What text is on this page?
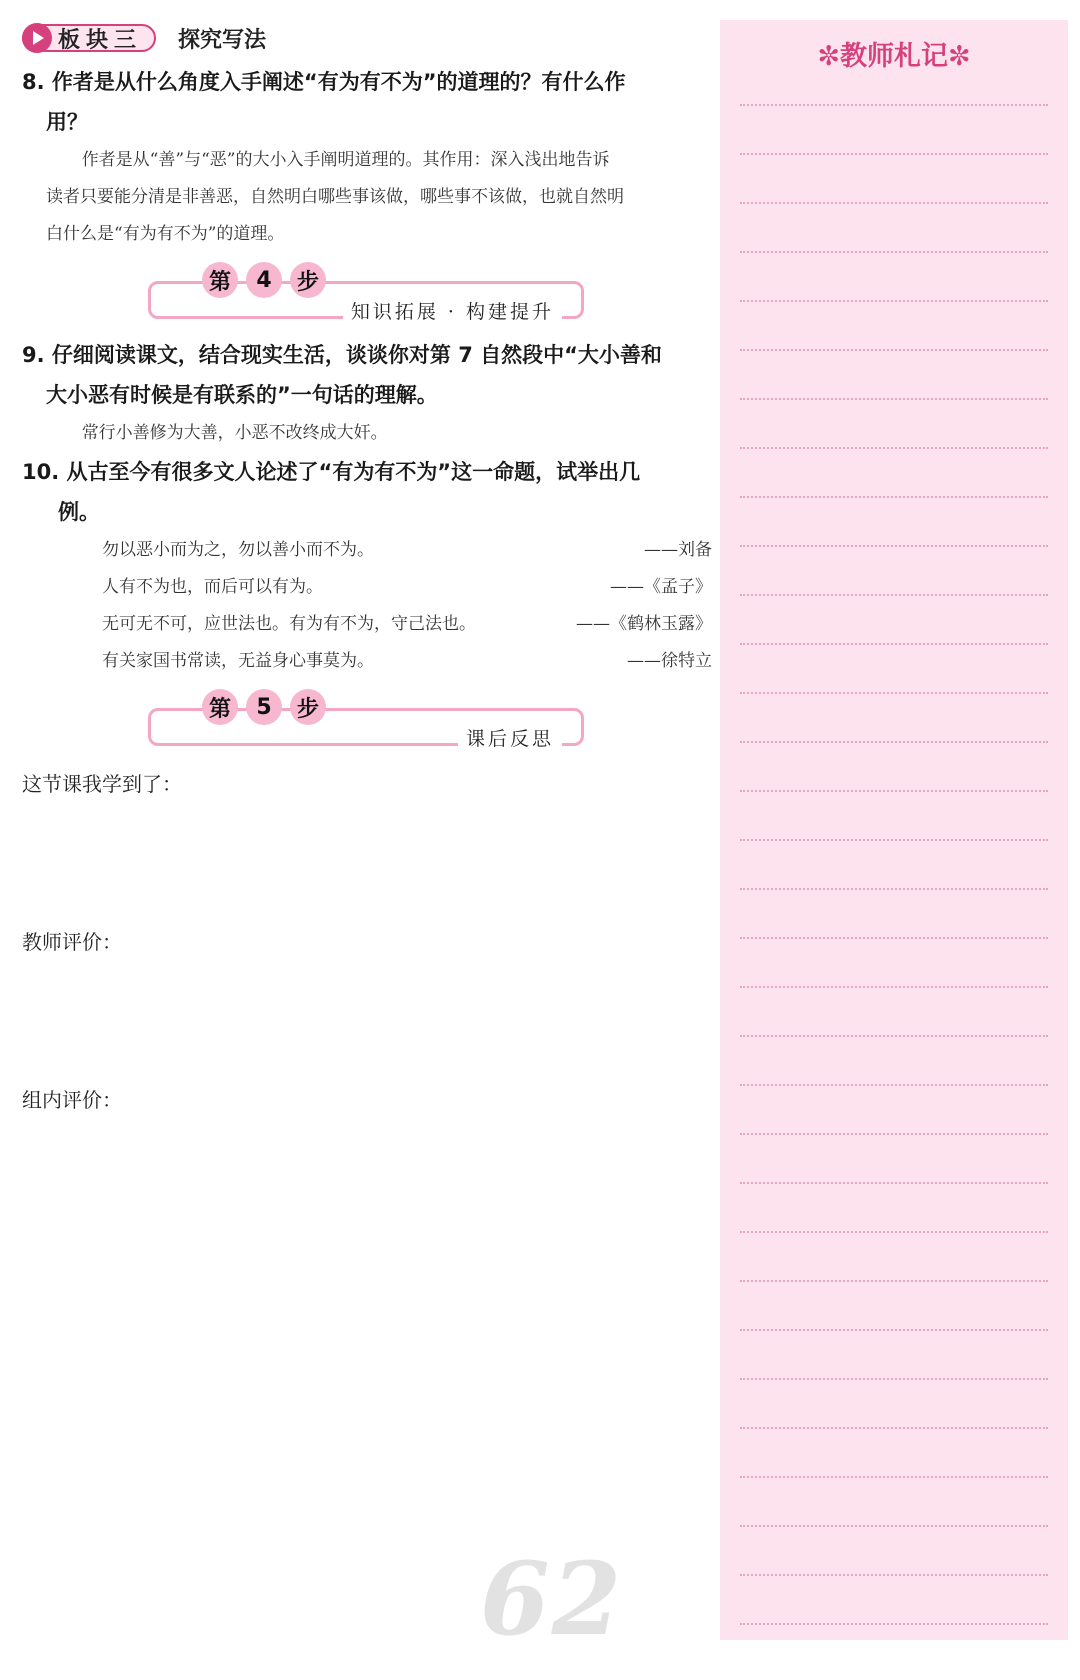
板块三 探究写法
8. 作者是从什么角度入手阐述“有为有不为”的道理的？有什么作
用？

作者是从“善”与“恶”的大小入手阐明道理的。其作用：深入浅出地告诉

读者只要能分清是非善恶，自然明白哪些事该做，哪些事不该做，也就自然明

白什么是“有为有不为”的道理。

第	4	步
知识拓展 · 构建提升
9. 仔细阅读课文，结合现实生活，谈谈你对第 7 自然段中“大小善和
大小恶有时候是有联系的”一句话的理解。

常行小善修为大善，小恶不改终成大奸。

10. 从古至今有很多文人论述了“有为有不为”这一命题，试举出几
例。
勿以恶小而为之，勿以善小而不为。	——刘备
人有不为也，而后可以有为。	——《孟子》
无可无不可，应世法也。有为有不为，守己法也。	——《鹤林玉露》
有关家国书常读，无益身心事莫为。	——徐特立
第	5	步
课后反思
这节课我学到了：
教师评价：
组内评价：
62
✼教师札记✼
